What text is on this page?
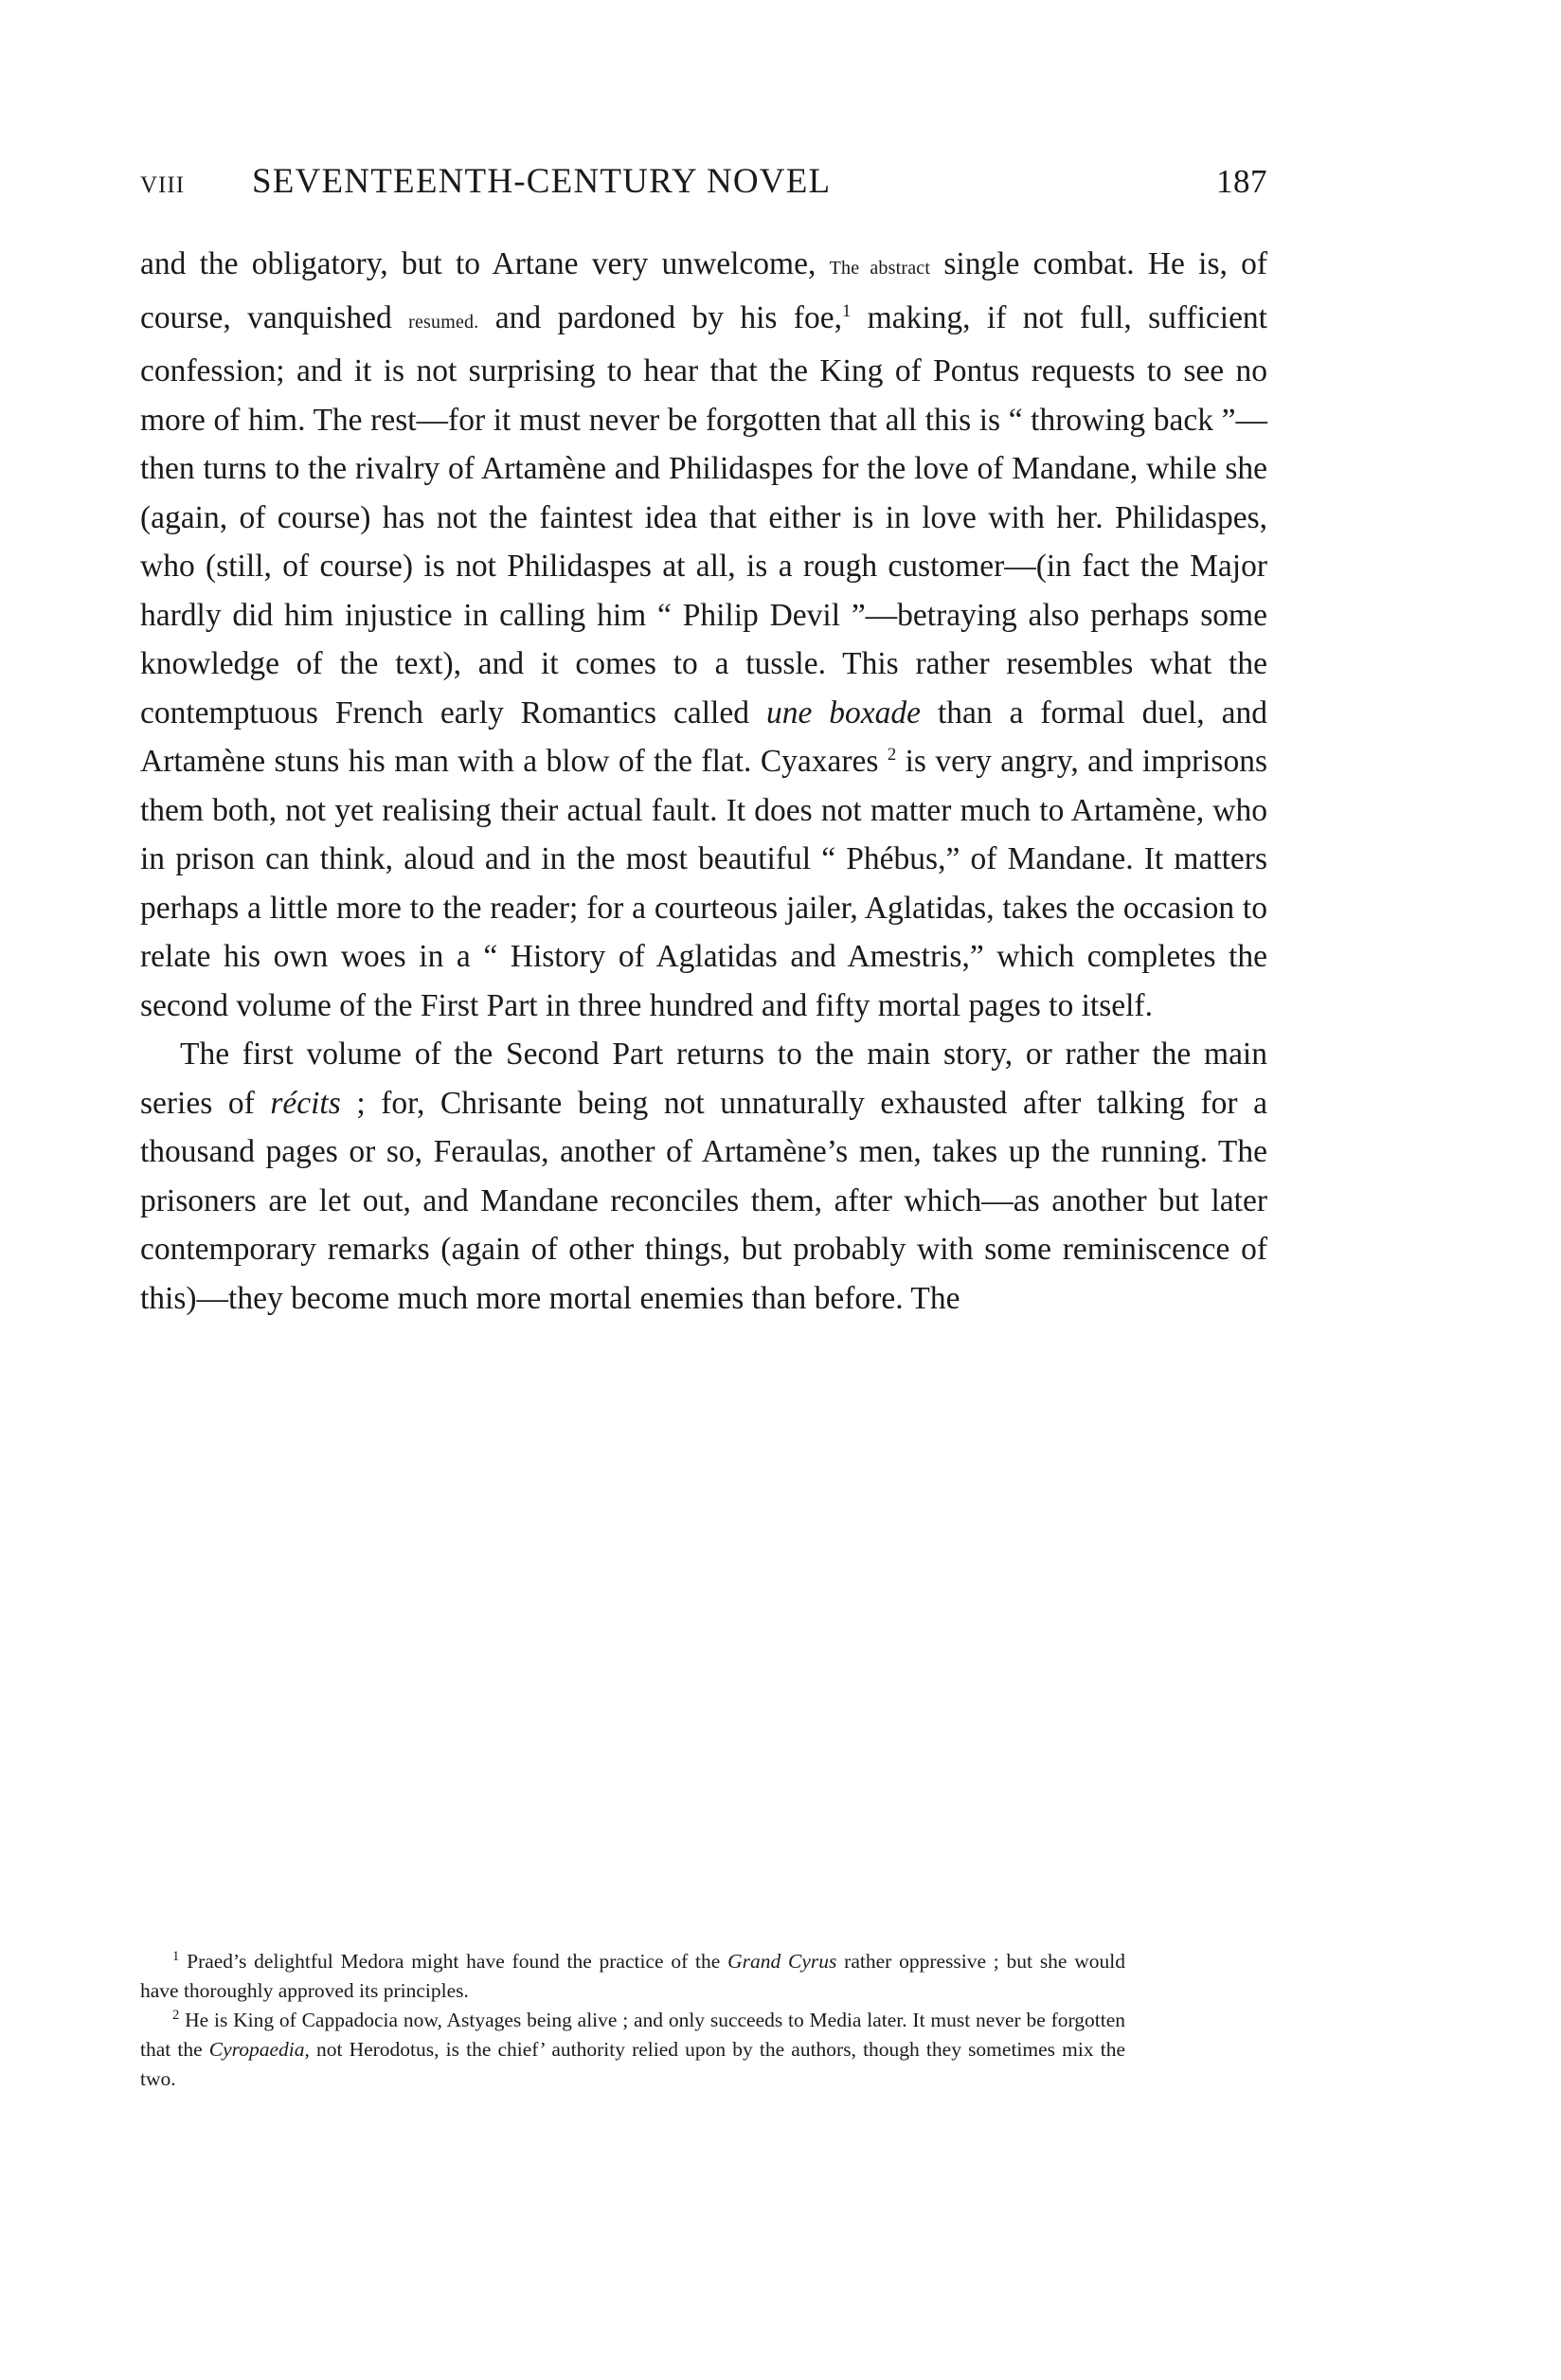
VIII	SEVENTEENTH-CENTURY NOVEL	187

and the obligatory, but to Artane very unwelcome, The abstract single combat. He is, of course, vanquished resumed. and pardoned by his foe,$^1$ making, if not full, sufficient confession; and it is not surprising to hear that the King of Pontus requests to see no more of him. The rest—for it must never be forgotten that all this is “ throwing back ”—then turns to the rivalry of Artamène and Philidaspes for the love of Mandane, while she (again, of course) has not the faintest idea that either is in love with her. Philidaspes, who (still, of course) is not Philidaspes at all, is a rough customer—(in fact the Major hardly did him injustice in calling him “ Philip Devil ”—betraying also perhaps some knowledge of the text), and it comes to a tussle. This rather resembles what the contemptuous French early Romantics called une boxade than a formal duel, and Artamène stuns his man with a blow of the flat. Cyaxares $^2$ is very angry, and imprisons them both, not yet realising their actual fault. It does not matter much to Artamène, who in prison can think, aloud and in the most beautiful “ Phébus,” of Mandane. It matters perhaps a little more to the reader; for a courteous jailer, Aglatidas, takes the occasion to relate his own woes in a “ History of Aglatidas and Amestris,” which completes the second volume of the First Part in three hundred and fifty mortal pages to itself.

The first volume of the Second Part returns to the main story, or rather the main series of récits ; for, Chrisante being not unnaturally exhausted after talking for a thousand pages or so, Feraulas, another of Artamène’s men, takes up the running. The prisoners are let out, and Mandane reconciles them, after which—as another but later contemporary remarks (again of other things, but probably with some reminiscence of this)—they become much more mortal enemies than before. The

$^1$ Praed’s delightful Medora might have found the practice of the Grand Cyrus rather oppressive ; but she would have thoroughly approved its principles.

$^2$ He is King of Cappadocia now, Astyages being alive ; and only succeeds to Media later. It must never be forgotten that the Cyropaedia, not Herodotus, is the chief’ authority relied upon by the authors, though they sometimes mix the two.
